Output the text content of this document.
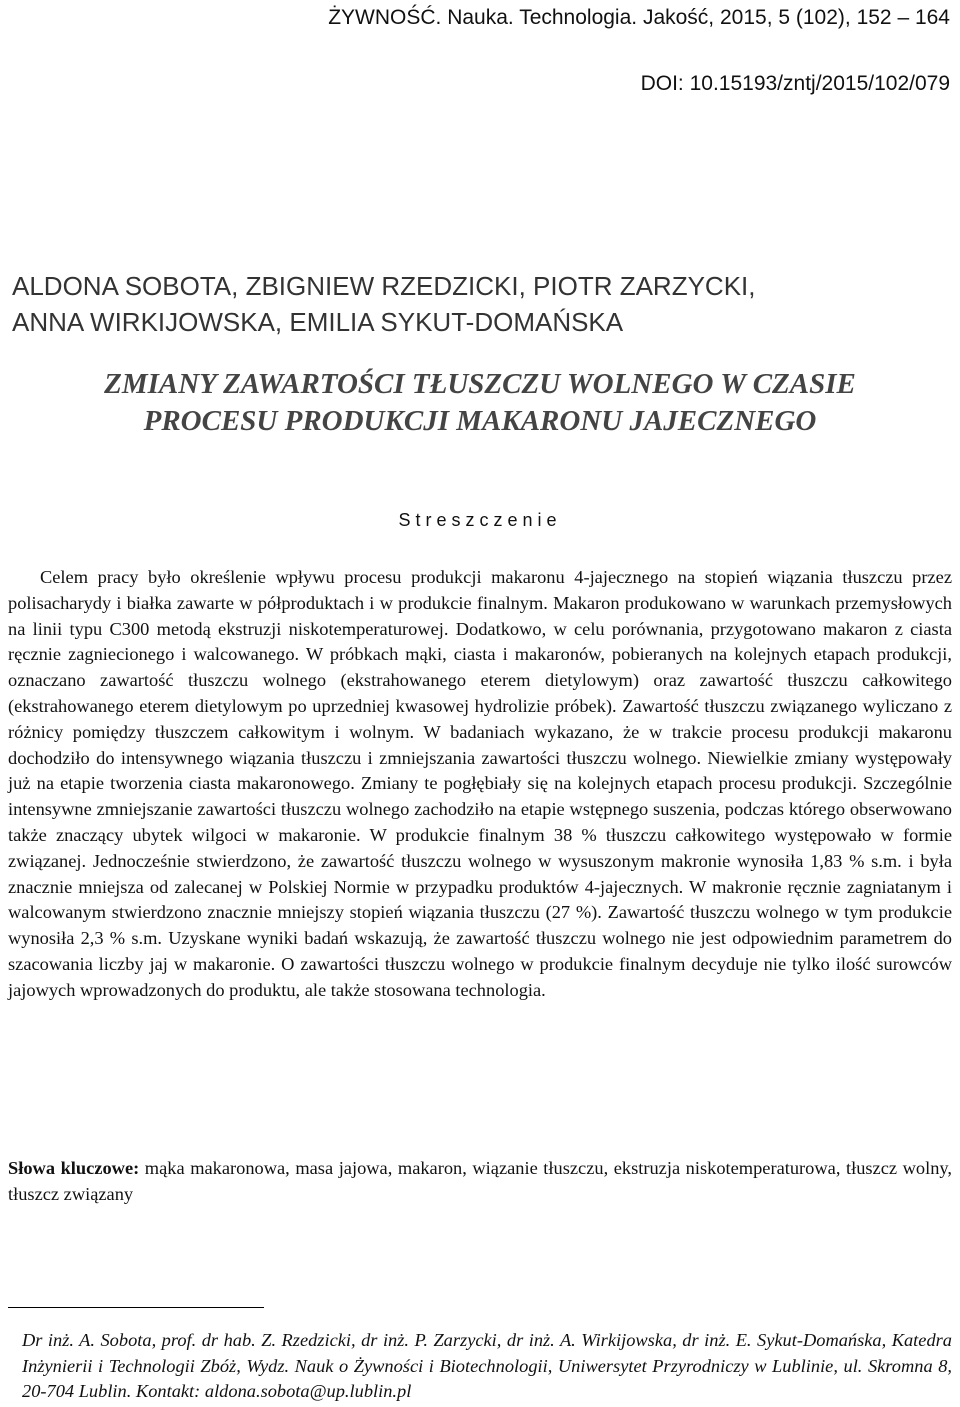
ŻYWNOŚĆ. Nauka. Technologia. Jakość, 2015, 5 (102), 152 – 164
DOI: 10.15193/zntj/2015/102/079
ALDONA SOBOTA, ZBIGNIEW RZEDZICKI, PIOTR ZARZYCKI,
ANNA WIRKIJOWSKA, EMILIA SYKUT-DOMAŃSKA
ZMIANY ZAWARTOŚCI TŁUSZCZU WOLNEGO W CZASIE
PROCESU PRODUKCJI MAKARONU JAJECZNEGO
Streszczenie

Celem pracy było określenie wpływu procesu produkcji makaronu 4-jajecznego na stopień wiązania tłuszczu przez polisacharydy i białka zawarte w półproduktach i w produkcie finalnym. Makaron produkowano w warunkach przemysłowych na linii typu C300 metodą ekstruzji niskotemperaturowej. Dodatkowo, w celu porównania, przygotowano makaron z ciasta ręcznie zagniecionego i walcowanego. W próbkach mąki, ciasta i makaronów, pobieranych na kolejnych etapach produkcji, oznaczano zawartość tłuszczu wolnego (ekstrahowanego eterem dietylowym) oraz zawartość tłuszczu całkowitego (ekstrahowanego eterem dietylowym po uprzedniej kwasowej hydrolizie próbek). Zawartość tłuszczu związanego wyliczano z różnicy pomiędzy tłuszczem całkowitym i wolnym. W badaniach wykazano, że w trakcie procesu produkcji makaronu dochodziło do intensywnego wiązania tłuszczu i zmniejszania zawartości tłuszczu wolnego. Niewielkie zmiany występowały już na etapie tworzenia ciasta makaronowego. Zmiany te pogłębiały się na kolejnych etapach procesu produkcji. Szczególnie intensywne zmniejszanie zawartości tłuszczu wolnego zachodziło na etapie wstępnego suszenia, podczas którego obserwowano także znaczący ubytek wilgoci w makaronie. W produkcie finalnym 38 % tłuszczu całkowitego występowało w formie związanej. Jednocześnie stwierdzono, że zawartość tłuszczu wolnego w wysuszonym makronie wynosiła 1,83 % s.m. i była znacznie mniejsza od zalecanej w Polskiej Normie w przypadku produktów 4-jajecznych. W makronie ręcznie zagniatanym i walcowanym stwierdzono znacznie mniejszy stopień wiązania tłuszczu (27 %). Zawartość tłuszczu wolnego w tym produkcie wynosiła 2,3 % s.m. Uzyskane wyniki badań wskazują, że zawartość tłuszczu wolnego nie jest odpowiednim parametrem do szacowania liczby jaj w makaronie. O zawartości tłuszczu wolnego w produkcie finalnym decyduje nie tylko ilość surowców jajowych wprowadzonych do produktu, ale także stosowana technologia.

Słowa kluczowe: mąka makaronowa, masa jajowa, makaron, wiązanie tłuszczu, ekstruzja niskotemperaturowa, tłuszcz wolny, tłuszcz związany
Dr inż. A. Sobota, prof. dr hab. Z. Rzedzicki, dr inż. P. Zarzycki, dr inż. A. Wirkijowska, dr inż. E. Sykut-Domańska, Katedra Inżynierii i Technologii Zbóż, Wydz. Nauk o Żywności i Biotechnologii, Uniwersytet Przyrodniczy w Lublinie, ul. Skromna 8, 20-704 Lublin. Kontakt: aldona.sobota@up.lublin.pl
